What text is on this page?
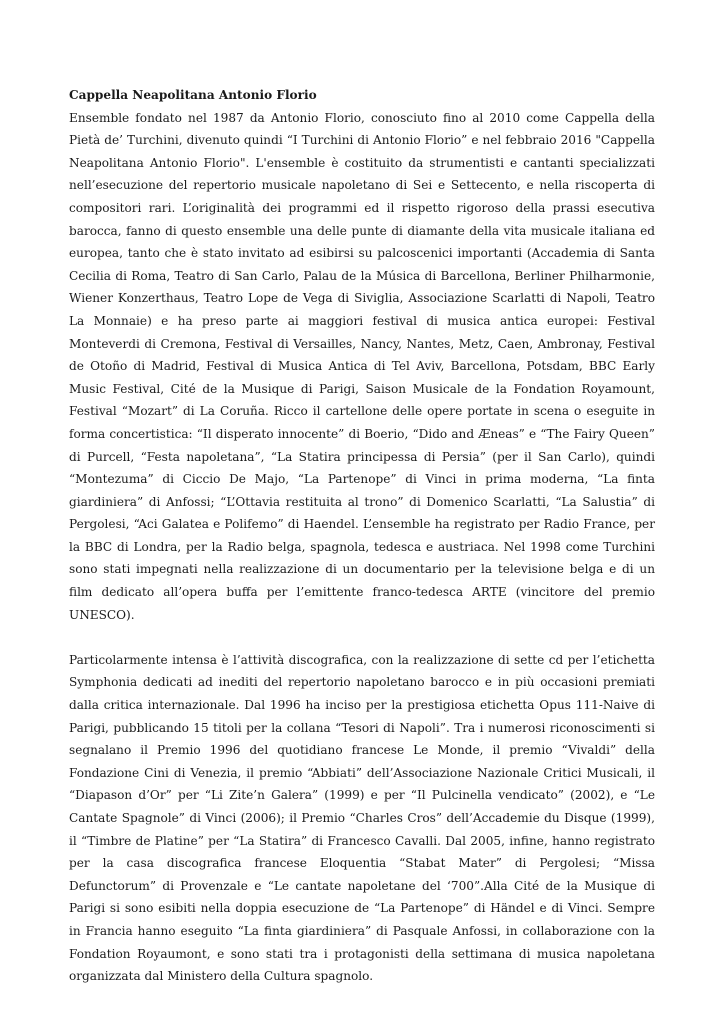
Cappella Neapolitana Antonio Florio

Ensemble fondato nel 1987 da Antonio Florio, conosciuto fino al 2010 come Cappella della Pietà de’ Turchini, divenuto quindi “I Turchini di Antonio Florio” e nel febbraio 2016 "Cappella Neapolitana Antonio Florio". L'ensemble è costituito da strumentisti e cantanti specializzati nell’esecuzione del repertorio musicale napoletano di Sei e Settecento, e nella riscoperta di compositori rari. L’originalità dei programmi ed il rispetto rigoroso della prassi esecutiva barocca, fanno di questo ensemble una delle punte di diamante della vita musicale italiana ed europea, tanto che è stato invitato ad esibirsi su palcoscenici importanti (Accademia di Santa Cecilia di Roma, Teatro di San Carlo, Palau de la Música di Barcellona, Berliner Philharmonie, Wiener Konzerthaus, Teatro Lope de Vega di Siviglia, Associazione Scarlatti di Napoli, Teatro La Monnaie) e ha preso parte ai maggiori festival di musica antica europei: Festival Monteverdi di Cremona, Festival di Versailles, Nancy, Nantes, Metz, Caen, Ambronay, Festival de Otoño di Madrid, Festival di Musica Antica di Tel Aviv, Barcellona, Potsdam, BBC Early Music Festival, Cité de la Musique di Parigi, Saison Musicale de la Fondation Royamount, Festival “Mozart” di La Coruña. Ricco il cartellone delle opere portate in scena o eseguite in forma concertistica: “Il disperato innocente” di Boerio, “Dido and Æneas” e “The Fairy Queen” di Purcell, “Festa napoletana”, “La Statira principessa di Persia” (per il San Carlo), quindi “Montezuma” di Ciccio De Majo, “La Partenope” di Vinci in prima moderna, “La finta giardiniera” di Anfossi; “L’Ottavia restituita al trono” di Domenico Scarlatti, “La Salustia” di Pergolesi, “Aci Galatea e Polifemo” di Haendel. L’ensemble ha registrato per Radio France, per la BBC di Londra, per la Radio belga, spagnola, tedesca e austriaca. Nel 1998 come Turchini sono stati impegnati nella realizzazione di un documentario per la televisione belga e di un film dedicato all’opera buffa per l’emittente franco-tedesca ARTE (vincitore del premio UNESCO).

Particolarmente intensa è l’attività discografica, con la realizzazione di sette cd per l’etichetta Symphonia dedicati ad inediti del repertorio napoletano barocco e in più occasioni premiati dalla critica internazionale. Dal 1996 ha inciso per la prestigiosa etichetta Opus 111-Naive di Parigi, pubblicando 15 titoli per la collana “Tesori di Napoli”. Tra i numerosi riconoscimenti si segnalano il Premio 1996 del quotidiano francese Le Monde, il premio “Vivaldi” della Fondazione Cini di Venezia, il premio “Abbiati” dell’Associazione Nazionale Critici Musicali, il “Diapason d’Or” per “Li Zite’n Galera” (1999) e per “Il Pulcinella vendicato” (2002), e “Le Cantate Spagnole” di Vinci (2006); il Premio “Charles Cros” dell’Accademie du Disque (1999), il “Timbre de Platine” per “La Statira” di Francesco Cavalli. Dal 2005, infine, hanno registrato per la casa discografica francese Eloquentia “Stabat Mater” di Pergolesi; “Missa Defunctorum” di Provenzale e “Le cantate napoletane del ‘700”.Alla Cité de la Musique di Parigi si sono esibiti nella doppia esecuzione de “La Partenope” di Händel e di Vinci. Sempre in Francia hanno eseguito “La finta giardiniera” di Pasquale Anfossi, in collaborazione con la Fondation Royaumont, e sono stati tra i protagonisti della settimana di musica napoletana organizzata dal Ministero della Cultura spagnolo.
